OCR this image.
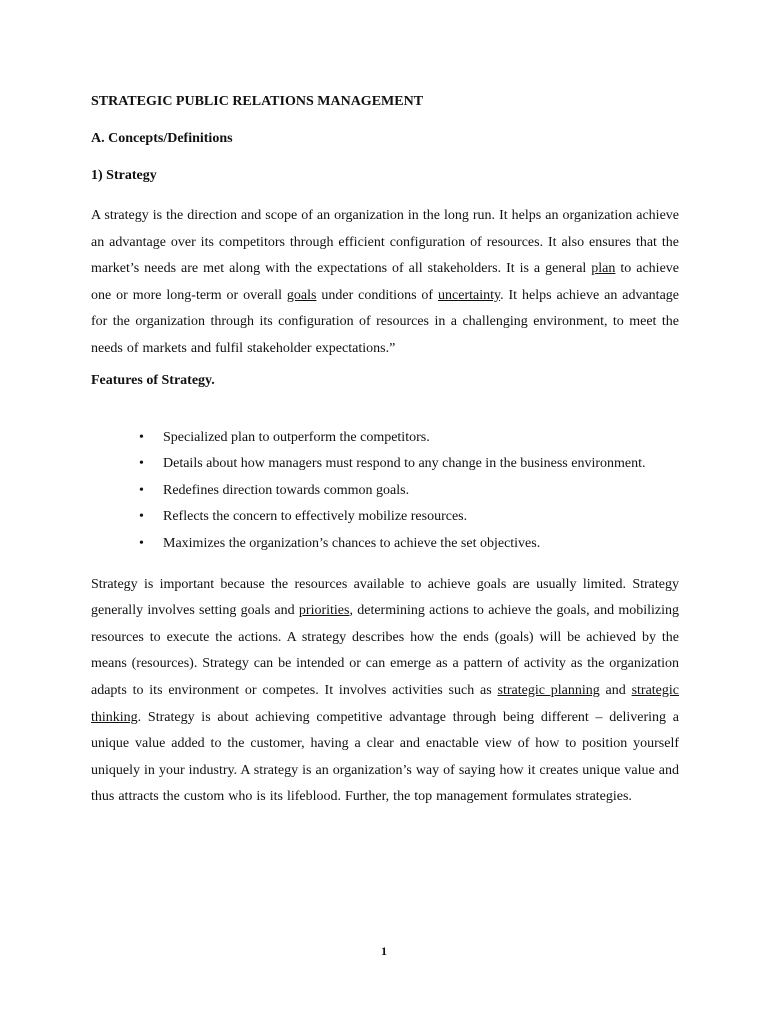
STRATEGIC PUBLIC RELATIONS MANAGEMENT
A. Concepts/Definitions
1) Strategy

A strategy is the direction and scope of an organization in the long run. It helps an organization achieve an advantage over its competitors through efficient configuration of resources. It also ensures that the market’s needs are met along with the expectations of all stakeholders. It is a general plan to achieve one or more long-term or overall goals under conditions of uncertainty. It helps achieve an advantage for the organization through its configuration of resources in a challenging environment, to meet the needs of markets and fulfil stakeholder expectations.”

Features of Strategy.
•	Specialized plan to outperform the competitors.
•	Details about how managers must respond to any change in the business environment.
•	Redefines direction towards common goals.
•	Reflects the concern to effectively mobilize resources.
•	Maximizes the organization’s chances to achieve the set objectives.

Strategy is important because the resources available to achieve goals are usually limited. Strategy generally involves setting goals and priorities, determining actions to achieve the goals, and mobilizing resources to execute the actions. A strategy describes how the ends (goals) will be achieved by the means (resources). Strategy can be intended or can emerge as a pattern of activity as the organization adapts to its environment or competes. It involves activities such as strategic planning and strategic thinking. Strategy is about achieving competitive advantage through being different – delivering a unique value added to the customer, having a clear and enactable view of how to position yourself uniquely in your industry. A strategy is an organization’s way of saying how it creates unique value and thus attracts the custom who is its lifeblood. Further, the top management formulates strategies.

1
